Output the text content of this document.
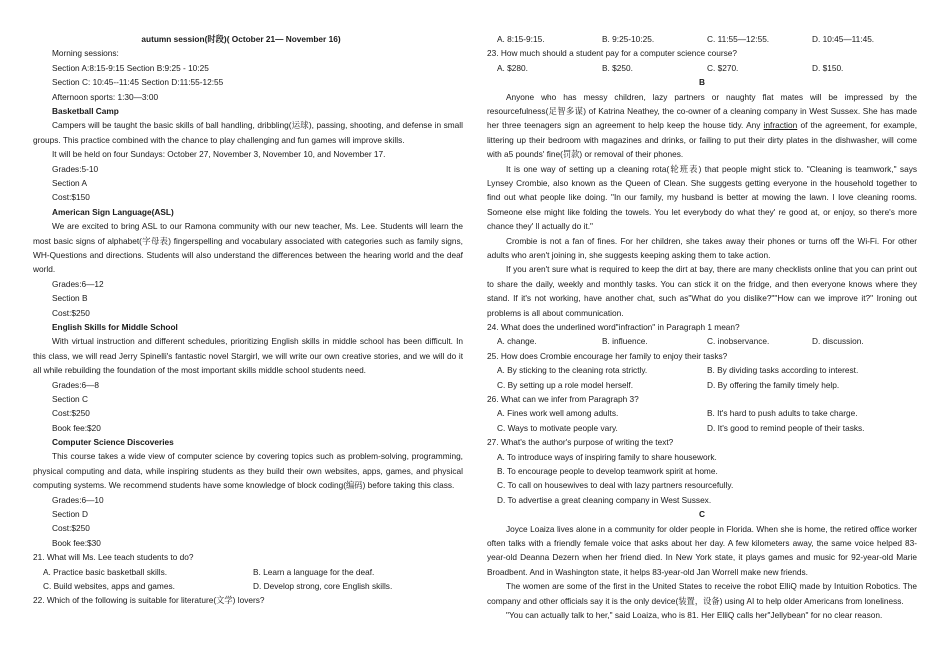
autumn session(时段)( October 21— November 16)
Morning sessions:
Section A:8:15-9:15 Section B:9:25 - 10:25
Section C: 10:45--11:45 Section D:11:55-12:55
Afternoon sports: 1:30—3:00
Basketball Camp

Campers will be taught the basic skills of ball handling, dribbling(运球), passing, shooting, and defense in small groups. This practice combined with the chance to play challenging and fun games will improve skills.

It will be held on four Sundays: October 27, November 3, November 10, and November 17.
Grades:5-10
Section A
Cost:$150
American Sign Language(ASL)

We are excited to bring ASL to our Ramona community with our new teacher, Ms. Lee. Students will learn the most basic signs of alphabet(字母表) fingerspelling and vocabulary associated with categories such as family signs, WH-Questions and directions. Students will also understand the differences between the hearing world and the deaf world.

Grades:6—12
Section B
Cost:$250
English Skills for Middle School

With virtual instruction and different schedules, prioritizing English skills in middle school has been difficult. In this class, we will read Jerry Spinelli's fantastic novel Stargirl, we will write our own creative stories, and we will do it all while rebuilding the foundation of the most important skills middle school students need.

Grades:6—8
Section C
Cost:$250
Book fee:$20
Computer Science Discoveries

This course takes a wide view of computer science by covering topics such as problem-solving, programming, physical computing and data, while inspiring students as they build their own websites, apps, games, and physical computing systems. We recommend students have some knowledge of block coding(编码) before taking this class.

Grades:6—10
Section D
Cost:$250
Book fee:$30
21. What will Ms. Lee teach students to do?
A. Practice basic basketball skills.	B. Learn a language for the deaf.
C. Build websites, apps and games.	D. Develop strong, core English skills.
22. Which of the following is suitable for literature(文学) lovers?
A. 8:15-9:15.	B. 9:25-10:25.	C. 11:55—12:55.	D. 10:45—11:45.
23. How much should a student pay for a computer science course?
A. $280.	B. $250.	C. $270.	D. $150.
B

Anyone who has messy children, lazy partners or naughty flat mates will be impressed by the resourcefulness(足智多谋) of Katrina Neathey, the co-owner of a cleaning company in West Sussex. She has made her three teenagers sign an agreement to help keep the house tidy. Any infraction of the agreement, for example, littering up their bedroom with magazines and drinks, or failing to put their dirty plates in the dishwasher, will come with a5 pounds' fine(罚款) or removal of their phones.

It is one way of setting up a cleaning rota(轮班表) that people might stick to. "Cleaning is teamwork," says Lynsey Crombie, also known as the Queen of Clean. She suggests getting everyone in the household together to find out what people like doing. "In our family, my husband is better at mowing the lawn. I love cleaning rooms. Someone else might like folding the towels. You let everybody do what they' re good at, or enjoy, so there's more chance they' ll actually do it."

Crombie is not a fan of fines. For her children, she takes away their phones or turns off the Wi-Fi. For other adults who aren't joining in, she suggests keeping asking them to take action.

If you aren't sure what is required to keep the dirt at bay, there are many checklists online that you can print out to share the daily, weekly and monthly tasks. You can stick it on the fridge, and then everyone knows where they stand. If it's not working, have another chat, such as"What do you dislike?""How can we improve it?" Ironing out problems is all about communication.

24. What does the underlined word"infraction" in Paragraph 1 mean?
A. change.	B. influence.	C. inobservance.	D. discussion.
25. How does Crombie encourage her family to enjoy their tasks?
A. By sticking to the cleaning rota strictly.	B. By dividing tasks according to interest.
C. By setting up a role model herself.	D. By offering the family timely help.
26. What can we infer from Paragraph 3?
A. Fines work well among adults.	B. It's hard to push adults to take charge.
C. Ways to motivate people vary.	D. It's good to remind people of their tasks.
27. What's the author's purpose of writing the text?
A. To introduce ways of inspiring family to share housework.
B. To encourage people to develop teamwork spirit at home.
C. To call on housewives to deal with lazy partners resourcefully.
D. To advertise a great cleaning company in West Sussex.
C

Joyce Loaiza lives alone in a community for older people in Florida. When she is home, the retired office worker often talks with a friendly female voice that asks about her day. A few kilometers away, the same voice helped 83-year-old Deanna Dezern when her friend died. In New York state, it plays games and music for 92-year-old Marie Broadbent. And in Washington state, it helps 83-year-old Jan Worrell make new friends.

The women are some of the first in the United States to receive the robot ElliQ made by Intuition Robotics. The company and other officials say it is the only device(装置，设备) using AI to help older Americans from loneliness.

"You can actually talk to her," said Loaiza, who is 81. Her ElliQ calls her"Jellybean" for no clear reason.
